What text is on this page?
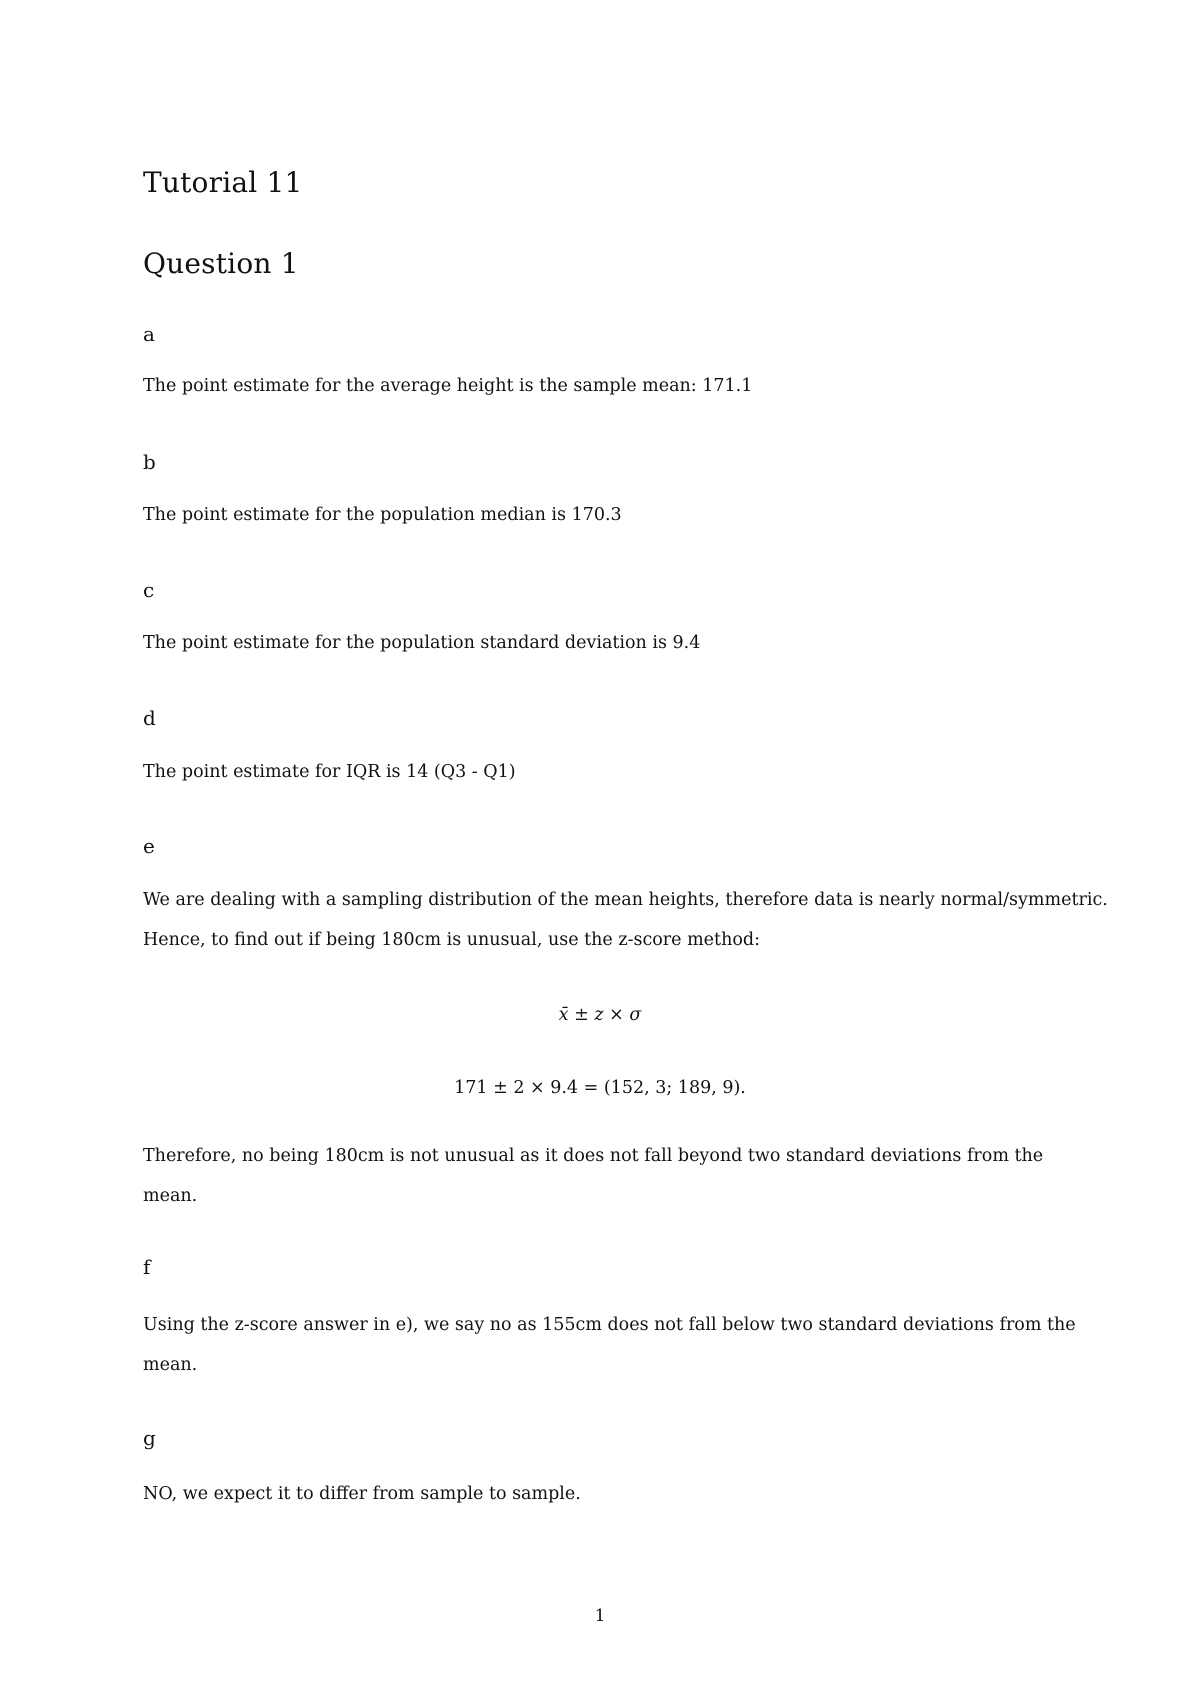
Tutorial 11
Question 1
a

The point estimate for the average height is the sample mean: 171.1

b

The point estimate for the population median is 170.3

c

The point estimate for the population standard deviation is 9.4

d

The point estimate for IQR is 14 (Q3 - Q1)

e

We are dealing with a sampling distribution of the mean heights, therefore data is nearly normal/symmetric.

Hence, to find out if being 180cm is unusual, use the z-score method:

x̄ ± z × σ

171 ± 2 × 9.4 = (152, 3; 189, 9).

Therefore, no being 180cm is not unusual as it does not fall beyond two standard deviations from the

mean.

f

Using the z-score answer in e), we say no as 155cm does not fall below two standard deviations from the

mean.

g

NO, we expect it to differ from sample to sample.

1
